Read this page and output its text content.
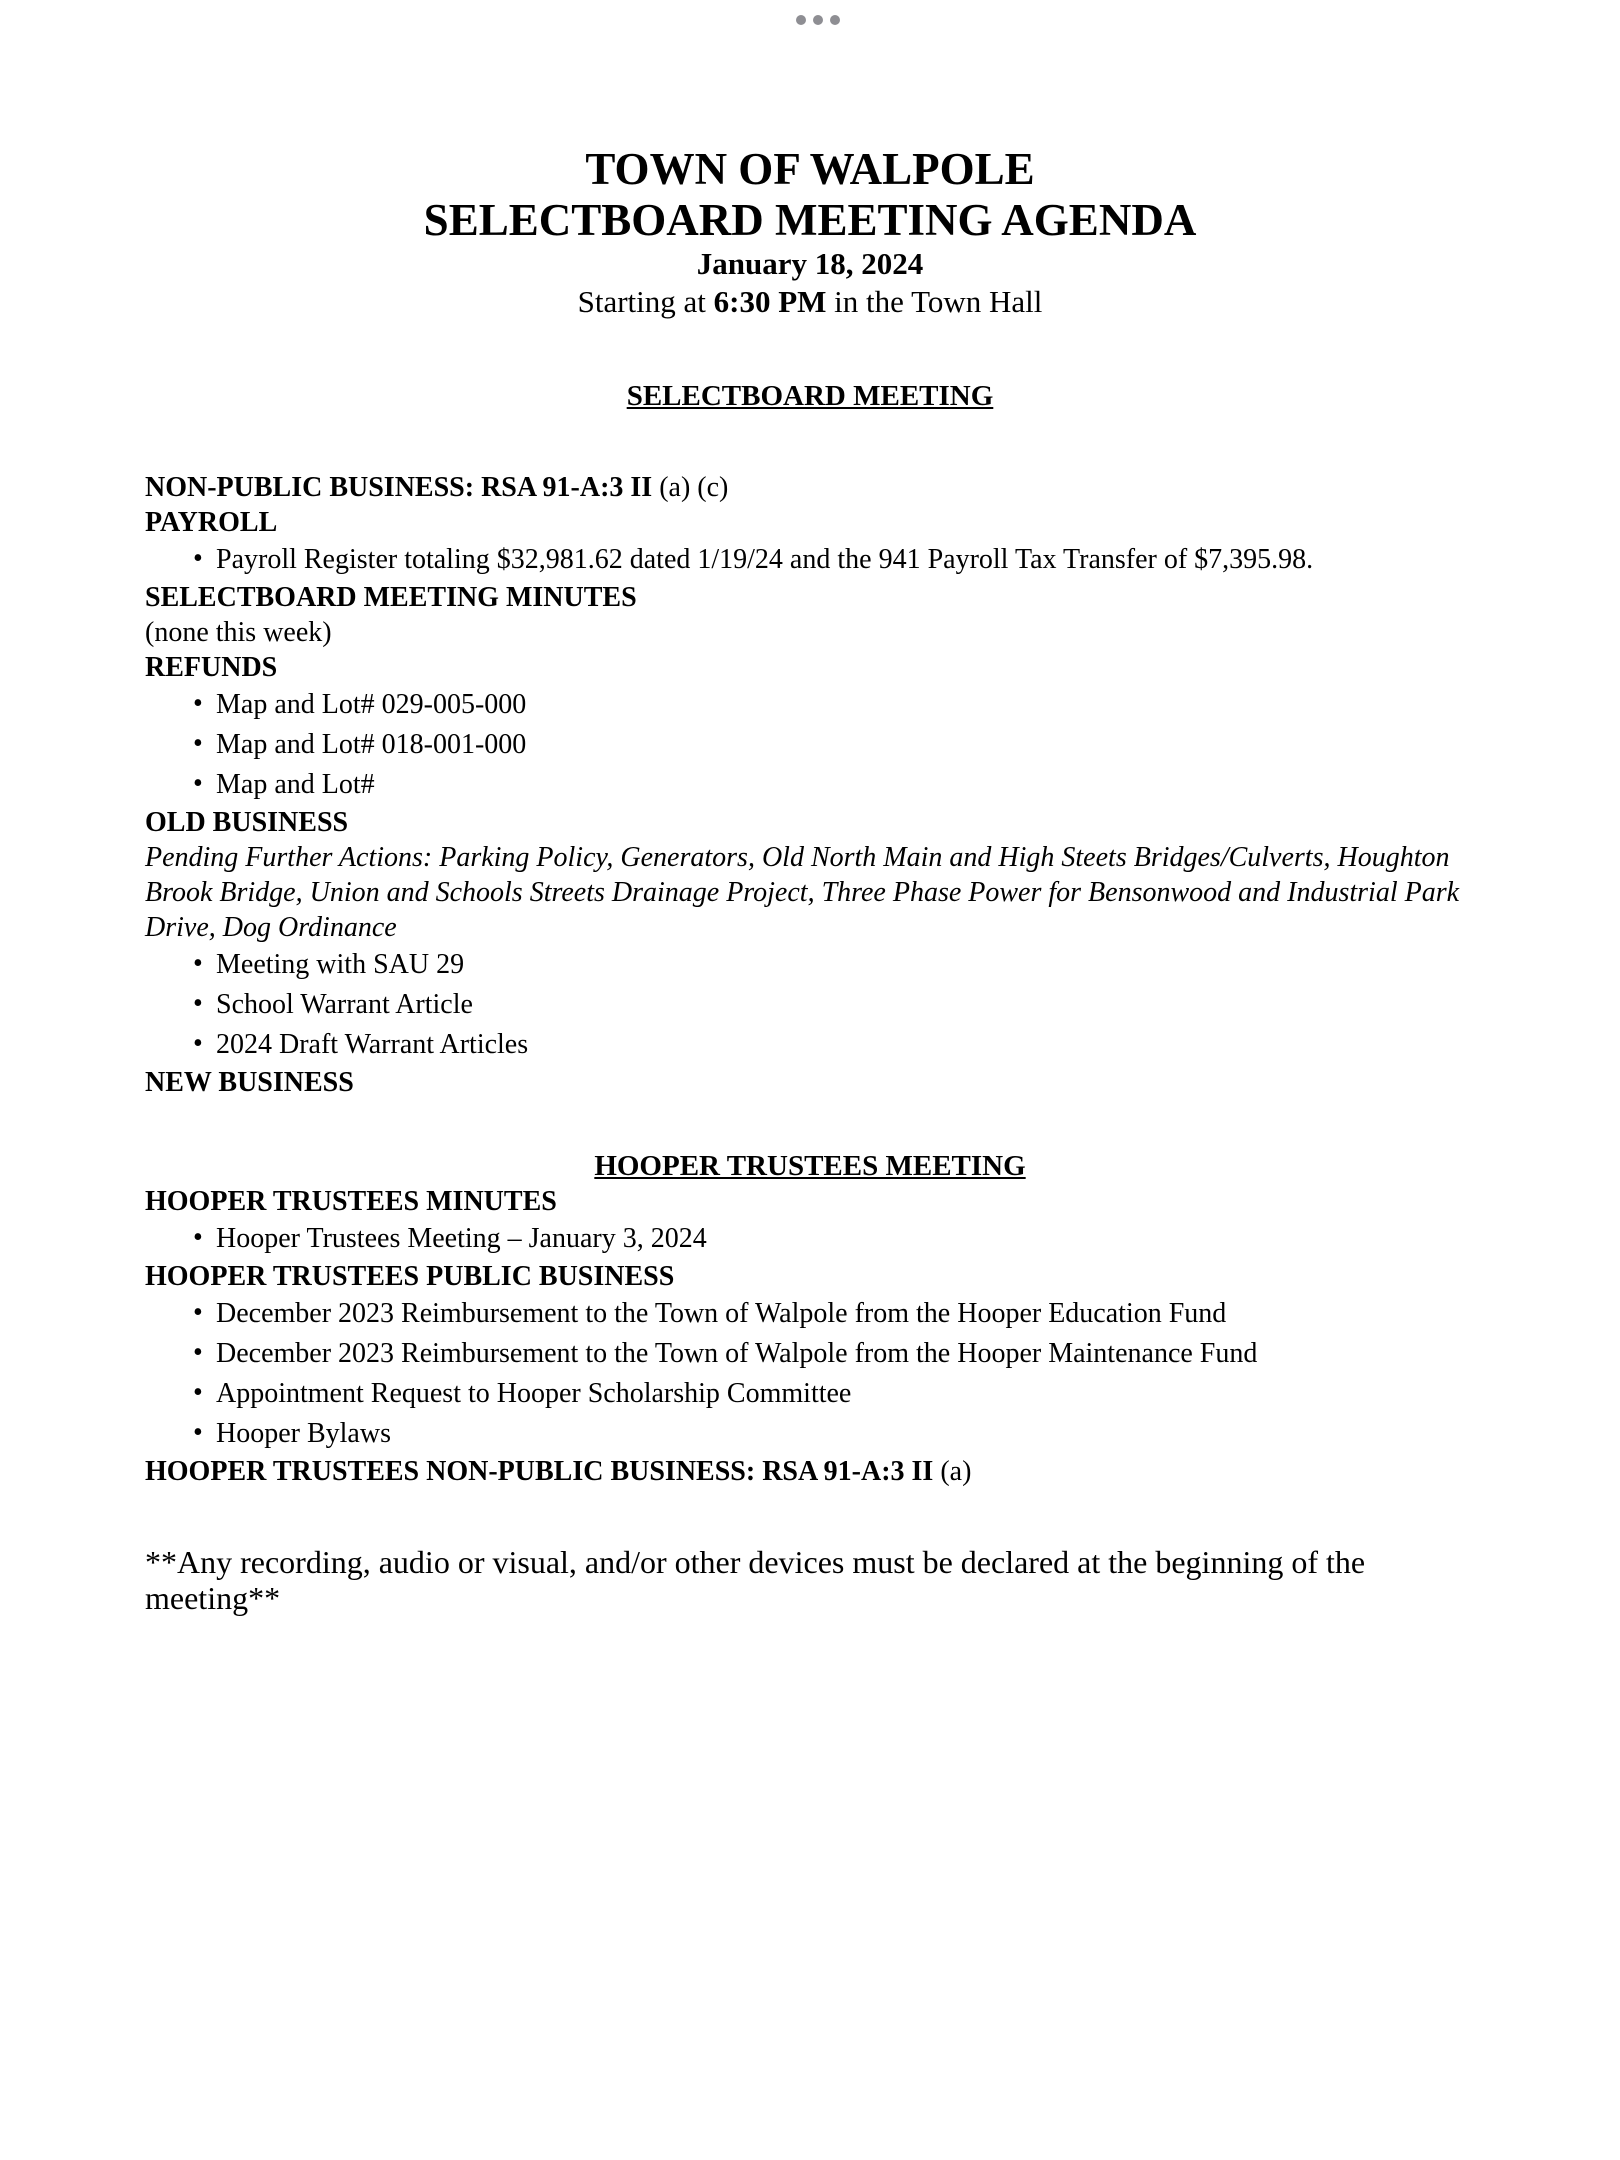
TOWN OF WALPOLE
SELECTBOARD MEETING AGENDA
January 18, 2024
Starting at 6:30 PM in the Town Hall
SELECTBOARD MEETING
NON-PUBLIC BUSINESS: RSA 91-A:3 II (a) (c)
PAYROLL
• Payroll Register totaling $32,981.62 dated 1/19/24 and the 941 Payroll Tax Transfer of $7,395.98.
SELECTBOARD MEETING MINUTES
(none this week)
REFUNDS
• Map and Lot# 029-005-000
• Map and Lot# 018-001-000
• Map and Lot#
OLD BUSINESS
Pending Further Actions: Parking Policy, Generators, Old North Main and High Steets Bridges/Culverts, Houghton Brook Bridge, Union and Schools Streets Drainage Project, Three Phase Power for Bensonwood and Industrial Park Drive, Dog Ordinance
• Meeting with SAU 29
• School Warrant Article
• 2024 Draft Warrant Articles
NEW BUSINESS
HOOPER TRUSTEES MEETING
HOOPER TRUSTEES MINUTES
• Hooper Trustees Meeting – January 3, 2024
HOOPER TRUSTEES PUBLIC BUSINESS
• December 2023 Reimbursement to the Town of Walpole from the Hooper Education Fund
• December 2023 Reimbursement to the Town of Walpole from the Hooper Maintenance Fund
• Appointment Request to Hooper Scholarship Committee
• Hooper Bylaws
HOOPER TRUSTEES NON-PUBLIC BUSINESS: RSA 91-A:3 II (a)
**Any recording, audio or visual, and/or other devices must be declared at the beginning of the meeting**
